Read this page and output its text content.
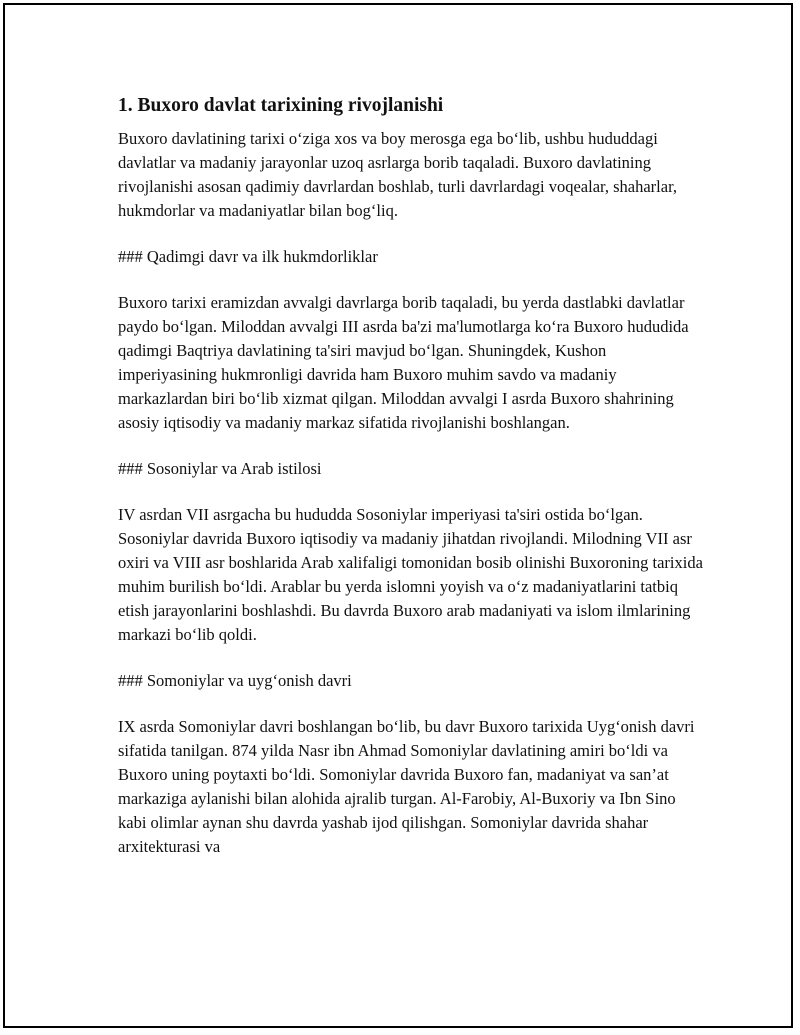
1. Buxoro davlat tarixining rivojlanishi

Buxoro davlatining tarixi o‘ziga xos va boy merosga ega bo‘lib, ushbu hududdagi davlatlar va madaniy jarayonlar uzoq asrlarga borib taqaladi. Buxoro davlatining rivojlanishi asosan qadimiy davrlardan boshlab, turli davrlardagi voqealar, shaharlar, hukmdorlar va madaniyatlar bilan bog‘liq.

### Qadimgi davr va ilk hukmdorliklar

Buxoro tarixi eramizdan avvalgi davrlarga borib taqaladi, bu yerda dastlabki davlatlar paydo bo‘lgan. Miloddan avvalgi III asrda ba'zi ma'lumotlarga ko‘ra Buxoro hududida qadimgi Baqtriya davlatining ta'siri mavjud bo‘lgan. Shuningdek, Kushon imperiyasining hukmronligi davrida ham Buxoro muhim savdo va madaniy markazlardan biri bo‘lib xizmat qilgan. Miloddan avvalgi I asrda Buxoro shahrining asosiy iqtisodiy va madaniy markaz sifatida rivojlanishi boshlangan.

### Sosoniylar va Arab istilosi

IV asrdan VII asrgacha bu hududda Sosoniylar imperiyasi ta'siri ostida bo‘lgan. Sosoniylar davrida Buxoro iqtisodiy va madaniy jihatdan rivojlandi. Milodning VII asr oxiri va VIII asr boshlarida Arab xalifaligi tomonidan bosib olinishi Buxoroning tarixida muhim burilish bo‘ldi. Arablar bu yerda islomni yoyish va o‘z madaniyatlarini tatbiq etish jarayonlarini boshlashdi. Bu davrda Buxoro arab madaniyati va islom ilmlarining markazi bo‘lib qoldi.

### Somoniylar va uyg‘onish davri

IX asrda Somoniylar davri boshlangan bo‘lib, bu davr Buxoro tarixida Uyg‘onish davri sifatida tanilgan. 874 yilda Nasr ibn Ahmad Somoniylar davlatining amiri bo‘ldi va Buxoro uning poytaxti bo‘ldi. Somoniylar davrida Buxoro fan, madaniyat va san’at markaziga aylanishi bilan alohida ajralib turgan. Al-Farobiy, Al-Buxoriy va Ibn Sino kabi olimlar aynan shu davrda yashab ijod qilishgan. Somoniylar davrida shahar arxitekturasi va
